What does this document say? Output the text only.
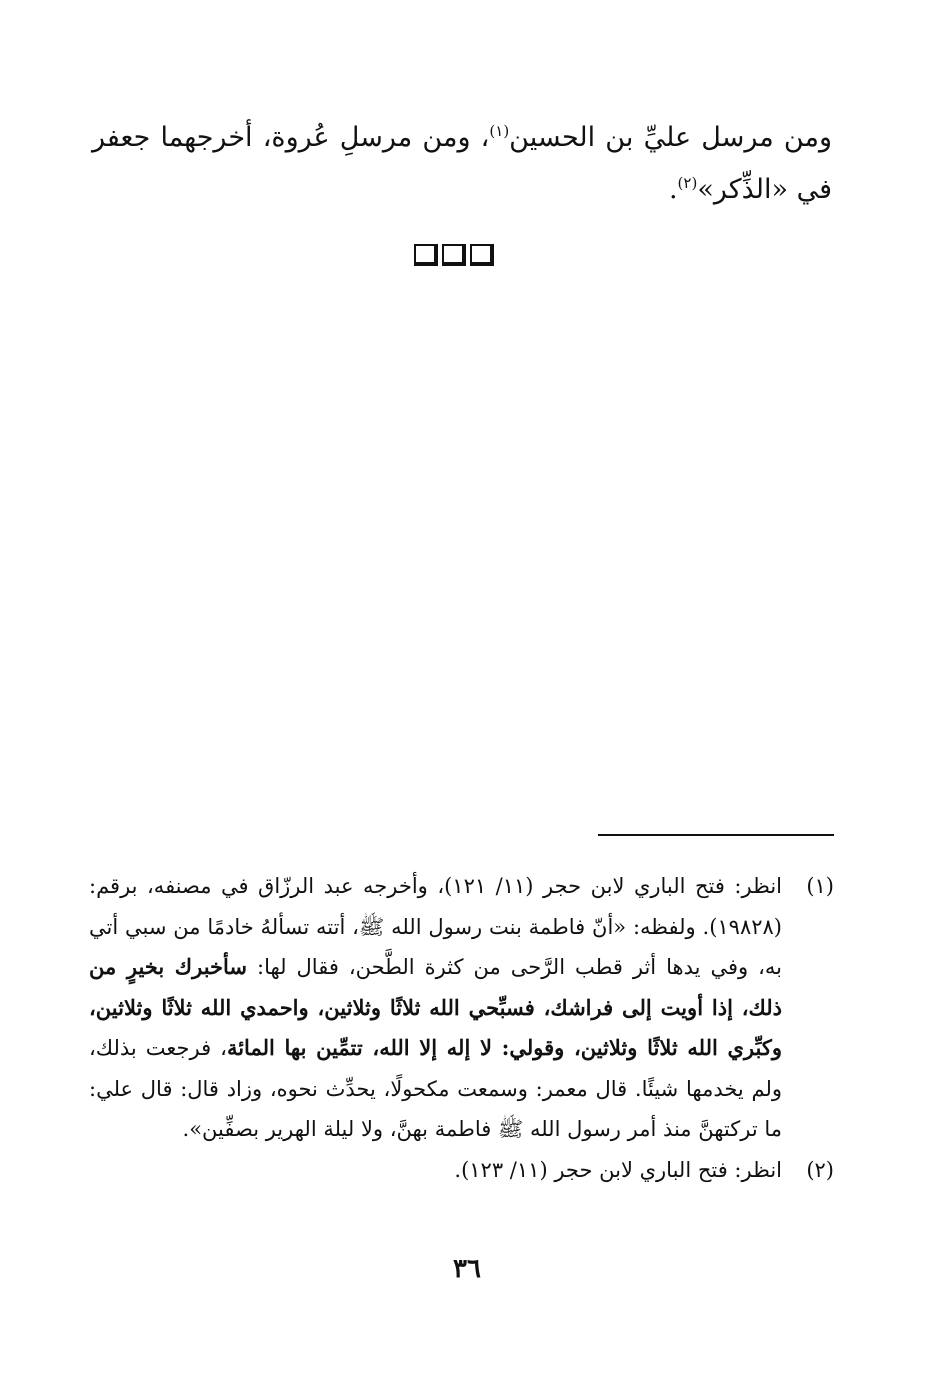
ومن مرسل عليِّ بن الحسين$^{(١)}$، ومن مرسلِ عُروة، أخرجهما جعفر في «الذِّكر»$^{(٢)}$.

(١)
انظر: فتح الباري لابن حجر (١١/ ١٢١)، وأخرجه عبد الرزّاق في مصنفه، برقم: (١٩٨٢٨). ولفظه: «أنّ فاطمة بنت رسول الله ﷺ، أتته تسألهُ خادمًا من سبي أتي به، وفي يدها أثر قطب الرَّحى من كثرة الطَّحن، فقال لها: سأخبرك بخيرٍ من ذلك، إذا أويت إلى فراشك، فسبِّحي الله ثلاثًا وثلاثين، واحمدي الله ثلاثًا وثلاثين، وكبِّري الله ثلاثًا وثلاثين، وقولي: لا إله إلا الله، تتمِّين بها المائة، فرجعت بذلك، ولم يخدمها شيئًا. قال معمر: وسمعت مكحولًا، يحدِّث نحوه، وزاد قال: قال علي: ما تركتهنَّ منذ أمر رسول الله ﷺ فاطمة بهنَّ، ولا ليلة الهرير بصفِّين».
(٢)
انظر: فتح الباري لابن حجر (١١/ ١٢٣).
٣٦
